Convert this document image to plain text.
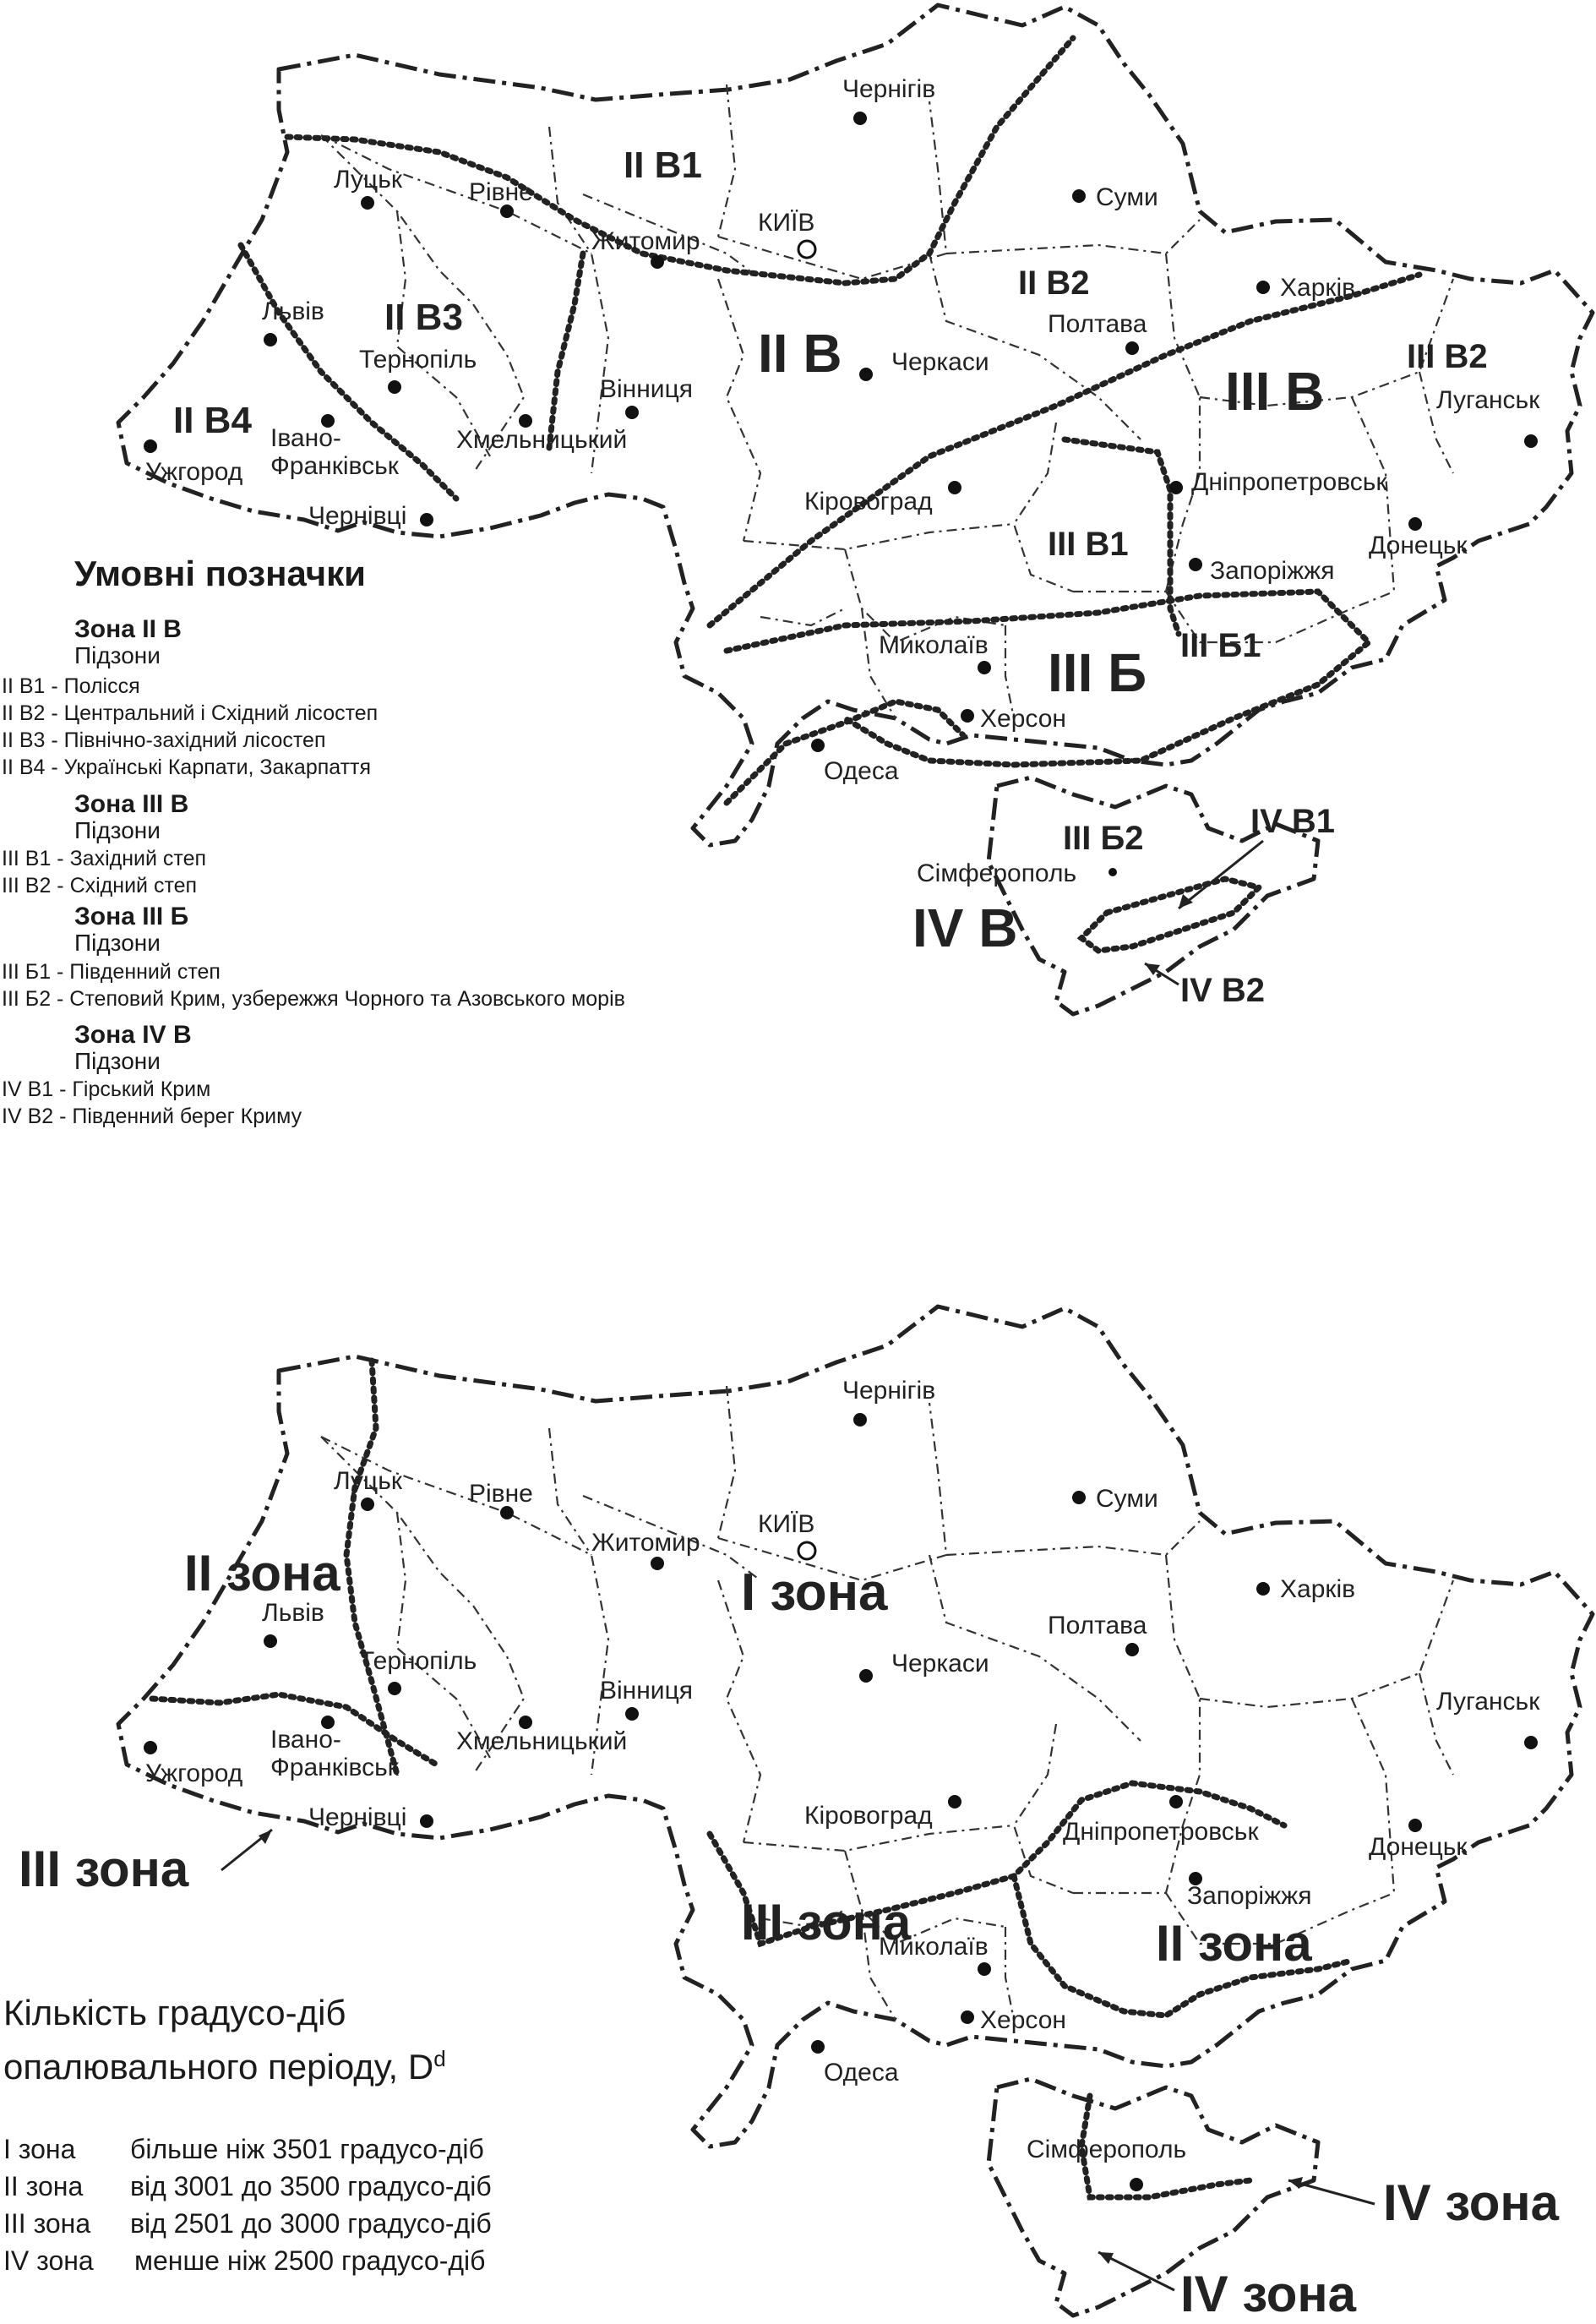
Чернігів
Луцьк	Рівне
Житомир
КИЇВ
Суми
Харків
Полтава
Львів
Тернопіль	Черкаси
Вінниця	Луганськ
Івано-Франківськ
Хмельницький
Ужгород
Чернівці
Дніпропетровськ
Кіровоград
Донецьк
Запоріжжя
Миколаїв
Херсон
Одеса
Сімферополь
II В1
II В3
II В
II В2
II В4	III В
III В2
III В1
III Б III Б1
III Б2	IV В1
IV В
IV В2
Умовні позначки
Зона II В
Підзони
II В1 - Полісся
II В2 - Центральний і Східний лісостеп
II В3 - Північно-західний лісостеп
II В4 - Українські Карпати, Закарпаття
Зона III В
Підзони
III В1 - Західний степ
III В2 - Східний степ
Зона III Б
Підзони
III Б1 - Південний степ
III Б2 - Степовий Крим, узбережжя Чорного та Азовського морів
Зона IV В
Підзони
IV В1 - Гірський Крим
IV В2 - Південний берег Криму
Чернігів
Луцьк	Рівне
Житомир
КИЇВ
Суми
Харків
Полтава
Львів
Тернопіль	Черкаси
Вінниця	Луганськ
Івано-Франківськ
Хмельницький
Ужгород
Чернівці
Дніпропетровськ
Кіровоград
Донецьк
Запоріжжя
Миколаїв
Херсон
Одеса
Сімферополь
II зона	I зона
III зона
III зона	II зона
IV зона
IV зона
Кількість градусо-діб
опалювального періоду, $D^d$
I зона більше ніж 3501 градусо-діб
II зона від 3001 до 3500 градусо-діб
III зона від 2501 до 3000 градусо-діб
IV зона менше ніж 2500 градусо-діб
